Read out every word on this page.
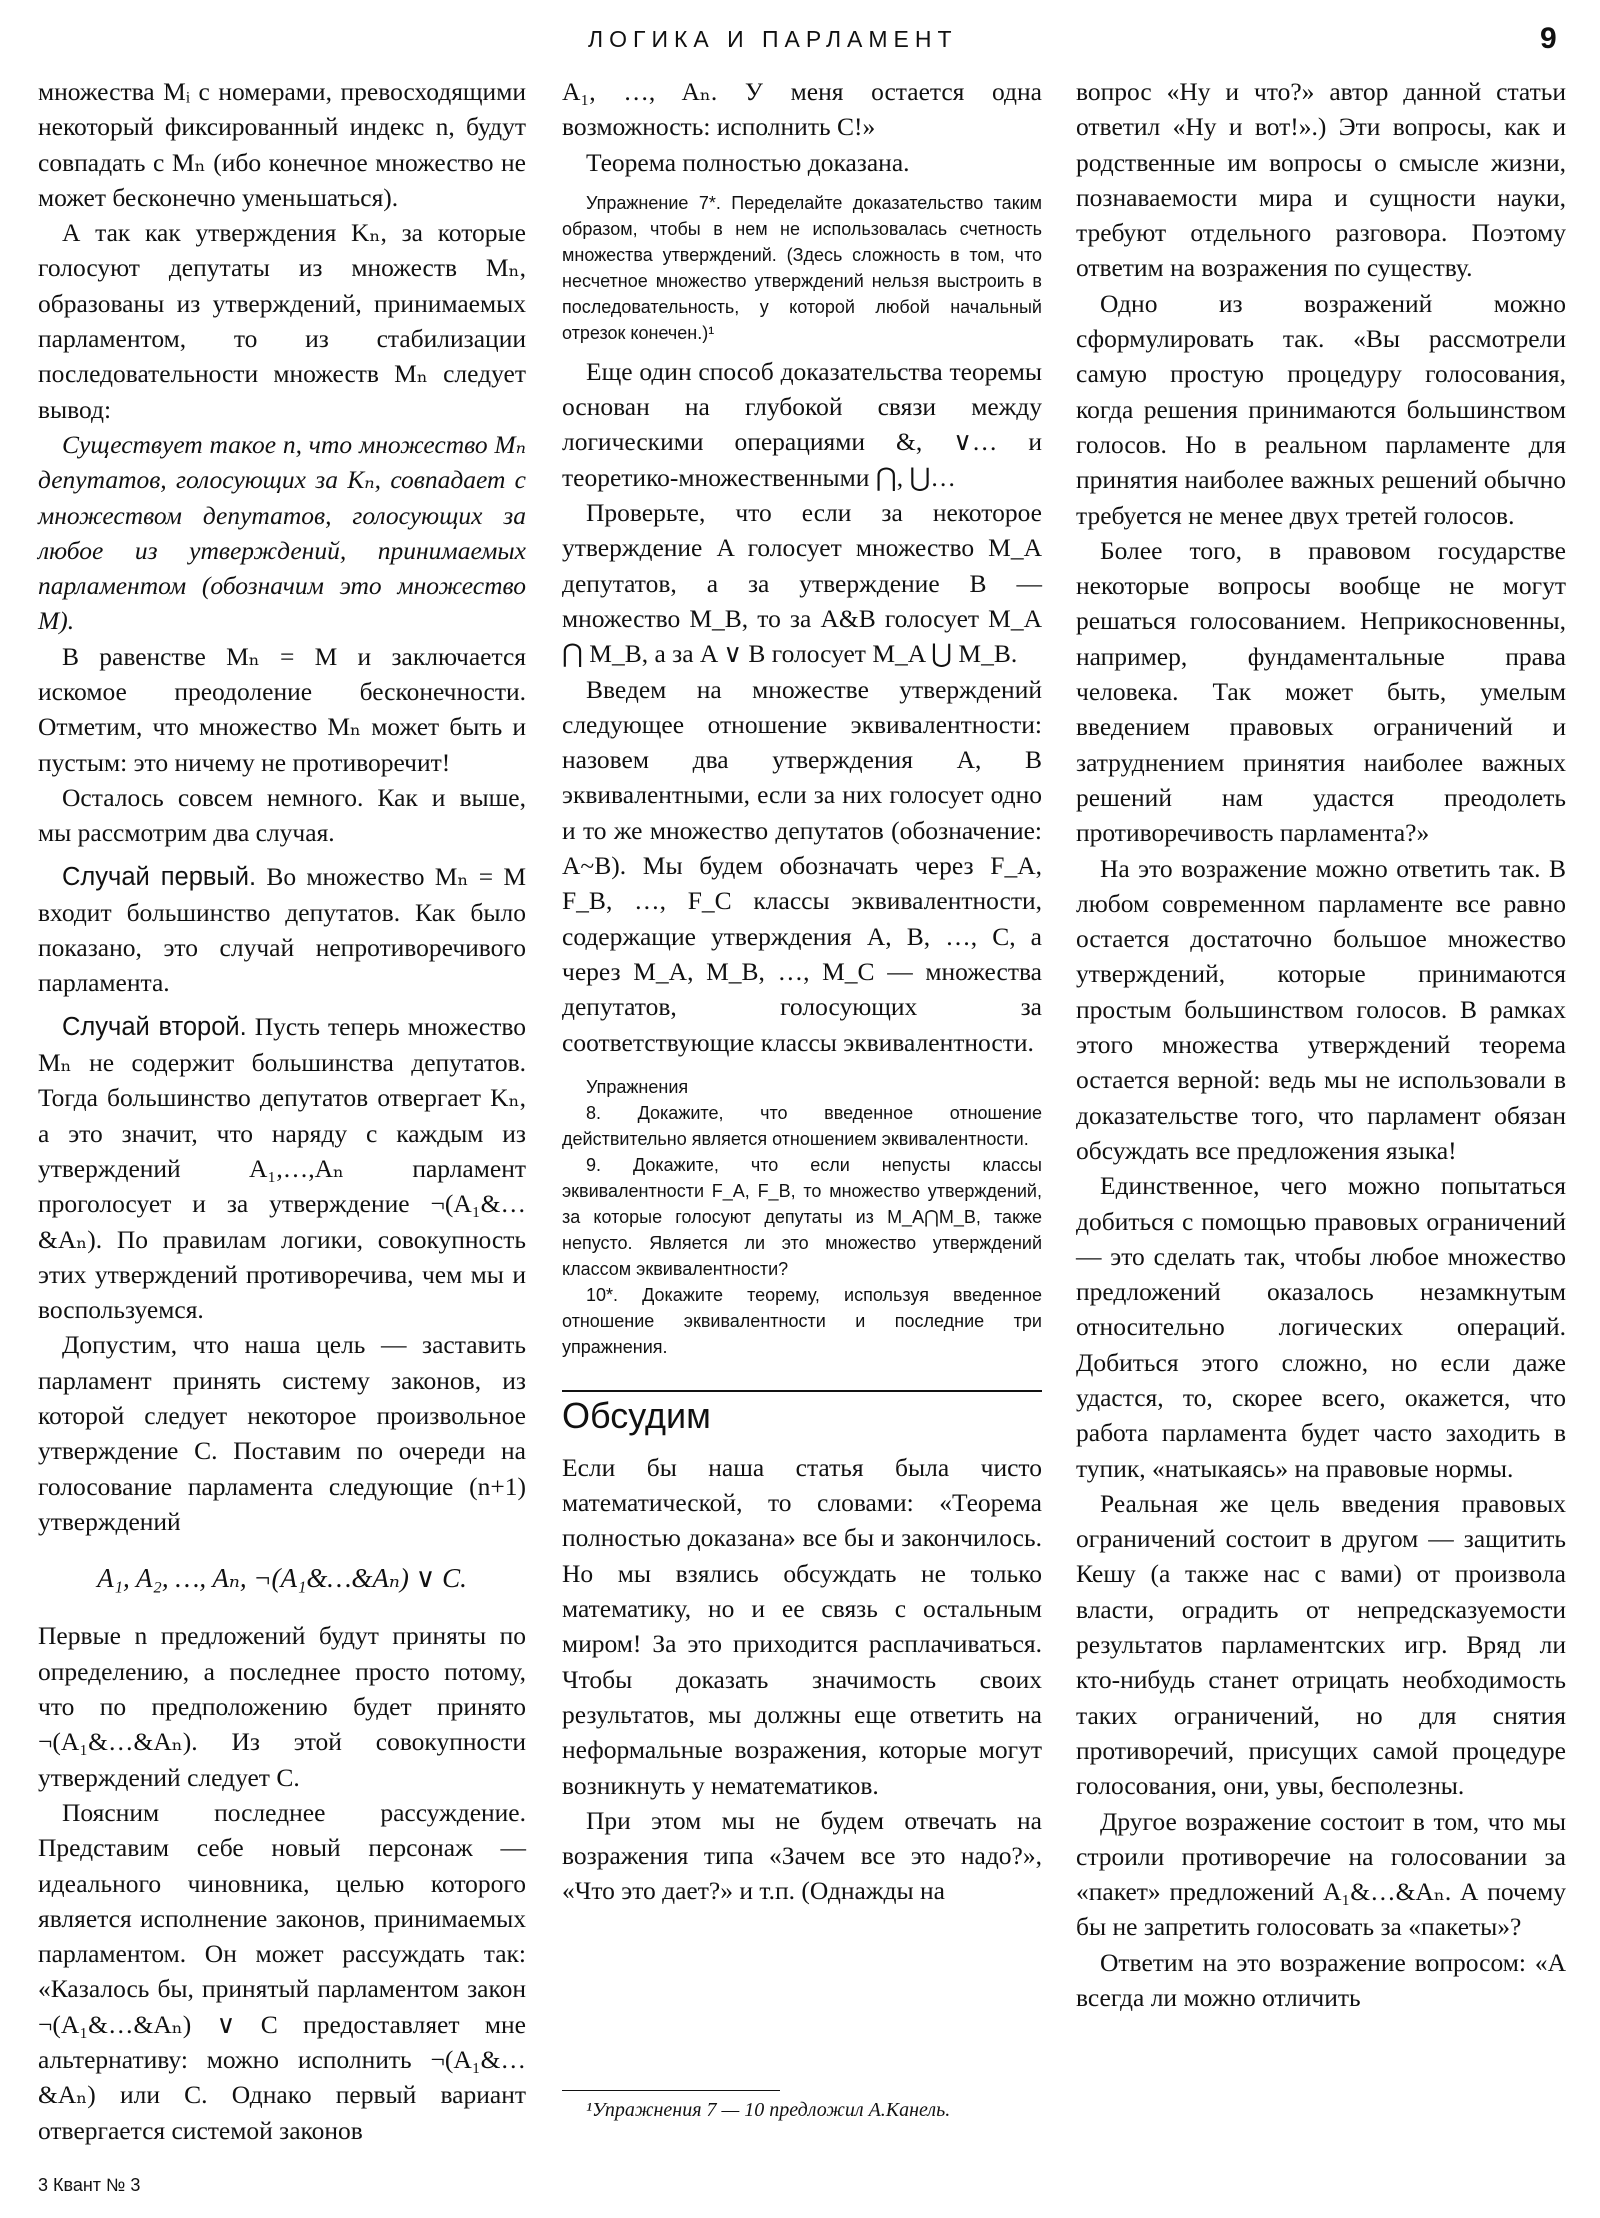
ЛОГИКА И ПАРЛАМЕНТ	9

множества Mᵢ с номерами, превосходящими некоторый фиксированный индекс n, будут совпадать с Mₙ (ибо конечное множество не может бесконечно уменьшаться).

А так как утверждения Kₙ, за которые голосуют депутаты из множеств Mₙ, образованы из утверждений, принимаемых парламентом, то из стабилизации последовательности множеств Mₙ следует вывод:

Существует такое n, что множество Mₙ депутатов, голосующих за Kₙ, совпадает с множеством депутатов, голосующих за любое из утверждений, принимаемых парламентом (обозначим это множество M).

В равенстве Mₙ = M и заключается искомое преодоление бесконечности. Отметим, что множество Mₙ может быть и пустым: это ничему не противоречит!

Осталось совсем немного. Как и выше, мы рассмотрим два случая.

Случай первый. Во множество Mₙ = M входит большинство депутатов. Как было показано, это случай непротиворечивого парламента.

Случай второй. Пусть теперь множество Mₙ не содержит большинства депутатов. Тогда большинство депутатов отвергает Kₙ, а это значит, что наряду с каждым из утверждений A₁,…,Aₙ парламент проголосует и за утверждение ¬(A₁&…&Aₙ). По правилам логики, совокупность этих утверждений противоречива, чем мы и воспользуемся.

Допустим, что наша цель — заставить парламент принять систему законов, из которой следует некоторое произвольное утверждение C. Поставим по очереди на голосование парламента следующие (n+1) утверждений

A₁, A₂, …, Aₙ, ¬(A₁&…&Aₙ) ∨ C.

Первые n предложений будут приняты по определению, а последнее просто потому, что по предположению будет принято ¬(A₁&…&Aₙ). Из этой совокупности утверждений следует C.

Поясним последнее рассуждение. Представим себе новый персонаж — идеального чиновника, целью которого является исполнение законов, принимаемых парламентом. Он может рассуждать так: «Казалось бы, принятый парламентом закон ¬(A₁&…&Aₙ) ∨ C предоставляет мне альтернативу: можно исполнить ¬(A₁&…&Aₙ) или C. Однако первый вариант отвергается системой законов

A₁, …, Aₙ. У меня остается одна возможность: исполнить C!»

Теорема полностью доказана.

Упражнение 7*. Переделайте доказательство таким образом, чтобы в нем не использовалась счетность множества утверждений. (Здесь сложность в том, что несчетное множество утверждений нельзя выстроить в последовательность, у которой любой начальный отрезок конечен.)¹

Еще один способ доказательства теоремы основан на глубокой связи между логическими операциями &, ∨… и теоретико-множественными ⋂, ⋃…

Проверьте, что если за некоторое утверждение A голосует множество M_A депутатов, а за утверждение B — множество M_B, то за A&B голосует M_A ⋂ M_B, а за A ∨ B голосует M_A ⋃ M_B.

Введем на множестве утверждений следующее отношение эквивалентности: назовем два утверждения A, B эквивалентными, если за них голосует одно и то же множество депутатов (обозначение: A~B). Мы будем обозначать через F_A, F_B, …, F_C классы эквивалентности, содержащие утверждения A, B, …, C, а через M_A, M_B, …, M_C — множества депутатов, голосующих за соответствующие классы эквивалентности.

Упражнения

8. Докажите, что введенное отношение действительно является отношением эквивалентности.

9. Докажите, что если непусты классы эквивалентности F_A, F_B, то множество утверждений, за которые голосуют депутаты из M_A⋂M_B, также непусто. Является ли это множество утверждений классом эквивалентности?

10*. Докажите теорему, используя введенное отношение эквивалентности и последние три упражнения.

Обсудим

Если бы наша статья была чисто математической, то словами: «Теорема полностью доказана» все бы и закончилось. Но мы взялись обсуждать не только математику, но и ее связь с остальным миром! За это приходится расплачиваться. Чтобы доказать значимость своих результатов, мы должны еще ответить на неформальные возражения, которые могут возникнуть у нематематиков.

При этом мы не будем отвечать на возражения типа «Зачем все это надо?», «Что это дает?» и т.п. (Однажды на

вопрос «Ну и что?» автор данной статьи ответил «Ну и вот!».) Эти вопросы, как и родственные им вопросы о смысле жизни, познаваемости мира и сущности науки, требуют отдельного разговора. Поэтому ответим на возражения по существу.

Одно из возражений можно сформулировать так. «Вы рассмотрели самую простую процедуру голосования, когда решения принимаются большинством голосов. Но в реальном парламенте для принятия наиболее важных решений обычно требуется не менее двух третей голосов.

Более того, в правовом государстве некоторые вопросы вообще не могут решаться голосованием. Неприкосновенны, например, фундаментальные права человека. Так может быть, умелым введением правовых ограничений и затруднением принятия наиболее важных решений нам удастся преодолеть противоречивость парламента?»

На это возражение можно ответить так. В любом современном парламенте все равно остается достаточно большое множество утверждений, которые принимаются простым большинством голосов. В рамках этого множества утверждений теорема остается верной: ведь мы не использовали в доказательстве того, что парламент обязан обсуждать все предложения языка!

Единственное, чего можно попытаться добиться с помощью правовых ограничений — это сделать так, чтобы любое множество предложений оказалось незамкнутым относительно логических операций. Добиться этого сложно, но если даже удастся, то, скорее всего, окажется, что работа парламента будет часто заходить в тупик, «натыкаясь» на правовые нормы.

Реальная же цель введения правовых ограничений состоит в другом — защитить Кешу (а также нас с вами) от произвола власти, оградить от непредсказуемости результатов парламентских игр. Вряд ли кто-нибудь станет отрицать необходимость таких ограничений, но для снятия противоречий, присущих самой процедуре голосования, они, увы, бесполезны.

Другое возражение состоит в том, что мы строили противоречие на голосовании за «пакет» предложений A₁&…&Aₙ. А почему бы не запретить голосовать за «пакеты»?

Ответим на это возражение вопросом: «А всегда ли можно отличить

¹Упражнения 7 — 10 предложил А.Канель.
3 Квант № 3
